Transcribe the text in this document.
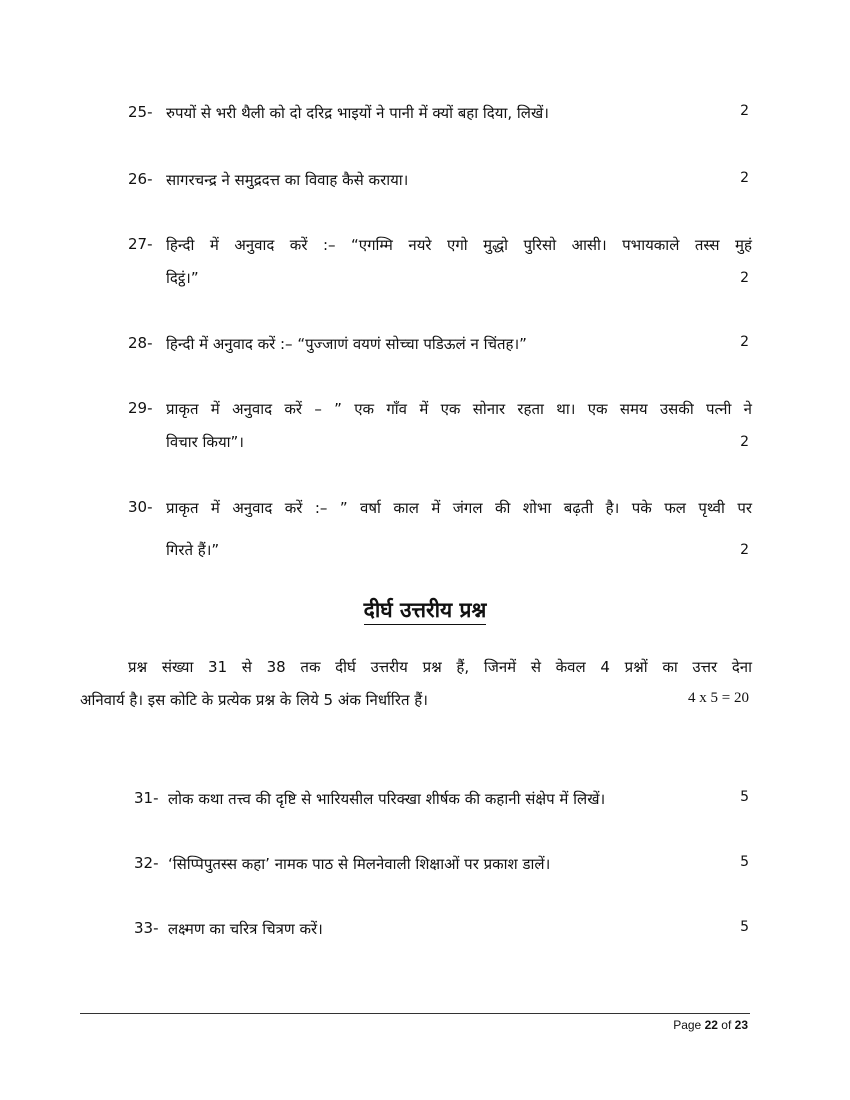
25- रुपयों से भरी थैली को दो दरिद्र भाइयों ने पानी में क्यों बहा दिया, लिखें।	2
26- सागरचन्द्र ने समुद्रदत्त का विवाह कैसे कराया।	2
27- हिन्दी में अनुवाद करें :– “एगम्मि नयरे एगो मुद्धो पुरिसो आसी। पभायकाले तस्स मुहं
दिट्ठं।”	2
28- हिन्दी में अनुवाद करें :– “पुज्जाणं वयणं सोच्चा पडिऊलं न चिंतह।”	2
29- प्राकृत में अनुवाद करें – ” एक गाँव में एक सोनार रहता था। एक समय उसकी पत्नी ने
विचार किया”।	2
30- प्राकृत में अनुवाद करें :– ” वर्षा काल में जंगल की शोभा बढ़ती है। पके फल पृथ्वी पर
गिरते हैं।”	2
दीर्घ उत्तरीय प्रश्न
प्रश्न संख्या 31 से 38 तक दीर्घ उत्तरीय प्रश्न हैं, जिनमें से केवल 4 प्रश्नों का उत्तर देना
अनिवार्य है। इस कोटि के प्रत्येक प्रश्न के लिये 5 अंक निर्धारित हैं।	4 x 5 = 20
31- लोक कथा तत्त्व की दृष्टि से भारियसील परिक्खा शीर्षक की कहानी संक्षेप में लिखें।	5
32- ‘सिप्पिपुतस्स कहा’ नामक पाठ से मिलनेवाली शिक्षाओं पर प्रकाश डालें।	5
33- लक्ष्मण का चरित्र चित्रण करें।	5
Page 22 of 23
